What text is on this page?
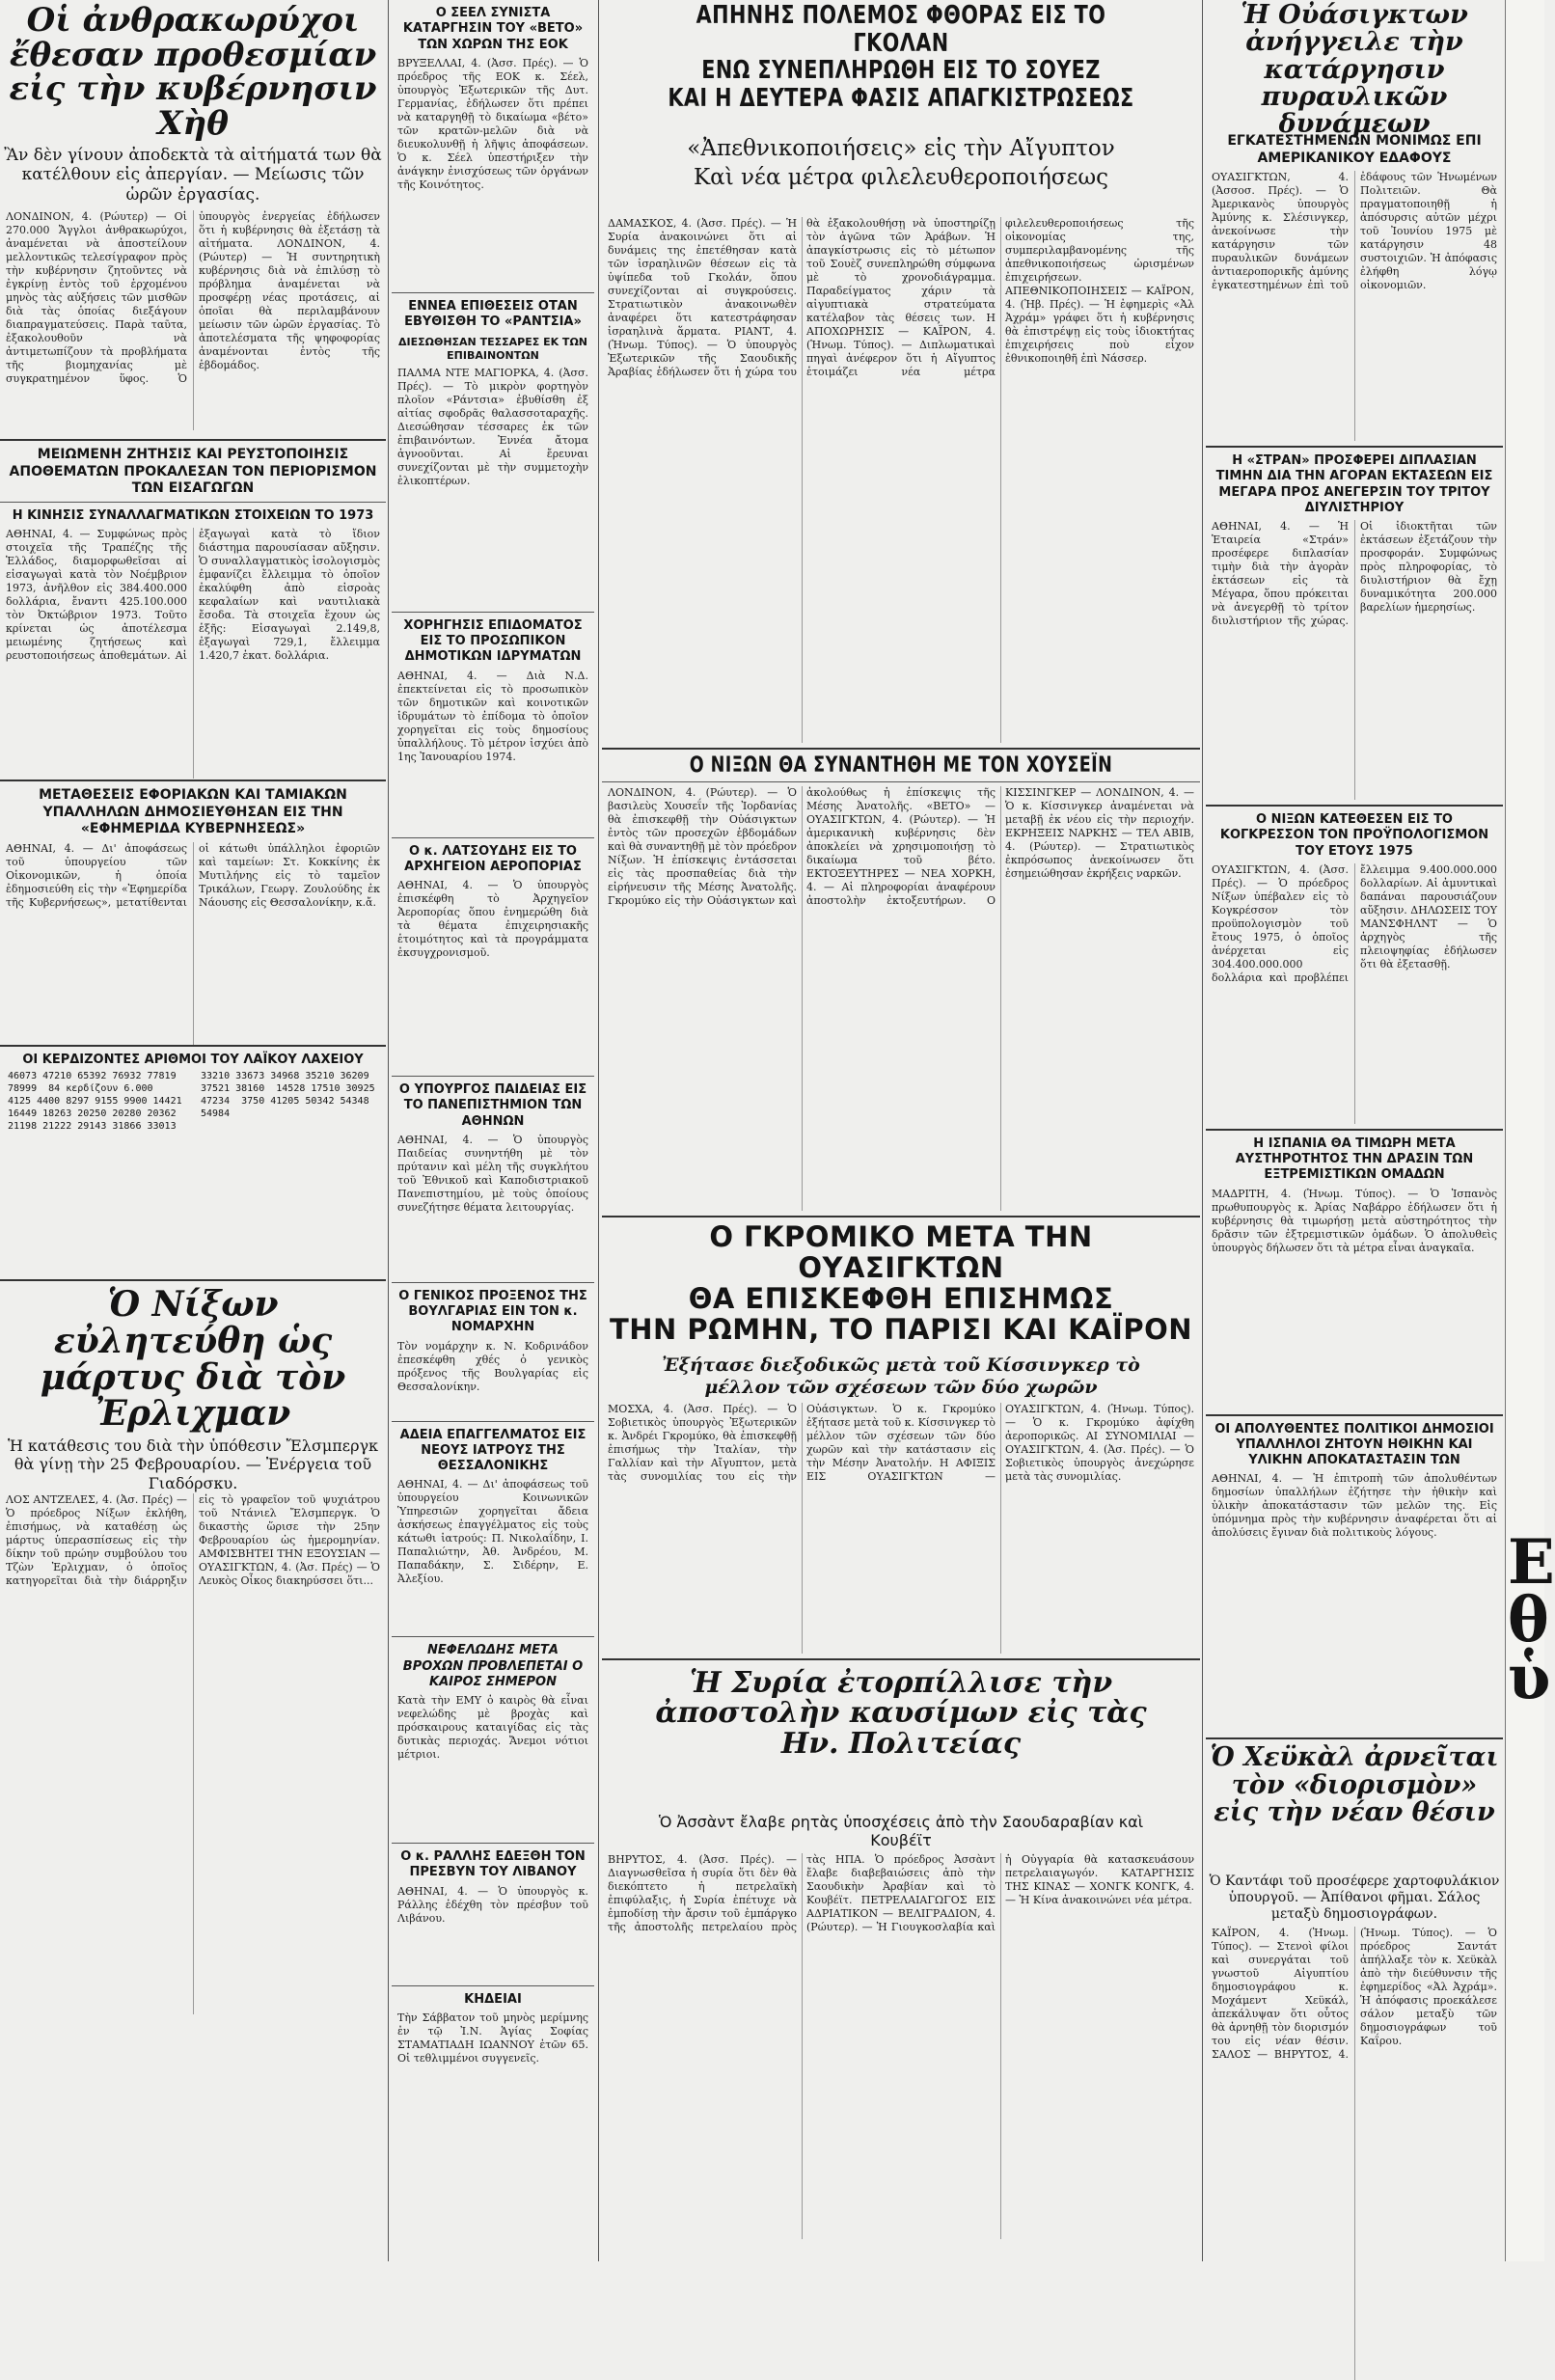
Οἱ ἀνθρακωρύχοι ἔθεσαν προθεσμίαν εἰς τὴν κυβέρνησιν Χὴθ

Ἂν δὲν γίνουν ἀποδεκτὰ τὰ αἰτήματά των θὰ κατέλθουν εἰς ἀπεργίαν. — Μείωσις τῶν ὡρῶν ἐργασίας.

ΛΟΝΔΙΝΟΝ, 4. (Ρώυτερ) — Οἱ 270.000 Ἄγγλοι ἀνθρακωρύχοι, ἀναμένεται νὰ ἀποστείλουν μελλοντικῶς τελεσίγραφον πρὸς τὴν κυβέρνησιν ζητοῦντες νὰ ἐγκρίνῃ ἐντὸς τοῦ ἐρχομένου μηνὸς τὰς αὐξήσεις τῶν μισθῶν διὰ τὰς ὁποίας διεξάγουν διαπραγματεύσεις. Παρὰ ταῦτα, ἐξακολουθοῦν νὰ ἀντιμετωπίζουν τὰ προβλήματα τῆς βιομηχανίας μὲ συγκρατημένον ὕφος. Ὁ ὑπουργὸς ἐνεργείας ἐδήλωσεν ὅτι ἡ κυβέρνησις θὰ ἐξετάσῃ τὰ αἰτήματα. ΛΟΝΔΙΝΟΝ, 4. (Ρώυτερ) — Ἡ συντηρητικὴ κυβέρνησις διὰ νὰ ἐπιλύσῃ τὸ πρόβλημα ἀναμένεται νὰ προσφέρῃ νέας προτάσεις, αἱ ὁποῖαι θὰ περιλαμβάνουν μείωσιν τῶν ὡρῶν ἐργασίας. Τὸ ἀποτελέσματα τῆς ψηφοφορίας ἀναμένονται ἐντὸς τῆς ἑβδομάδος.

ΜΕΙΩΜΕΝΗ ΖΗΤΗΣΙΣ ΚΑΙ ΡΕΥΣΤΟΠΟΙΗΣΙΣ ΑΠΟΘΕΜΑΤΩΝ ΠΡΟΚΑΛΕΣΑΝ ΤΟΝ ΠΕΡΙΟΡΙΣΜΟΝ ΤΩΝ ΕΙΣΑΓΩΓΩΝ
Η ΚΙΝΗΣΙΣ ΣΥΝΑΛΛΑΓΜΑΤΙΚΩΝ ΣΤΟΙΧΕΙΩΝ ΤΟ 1973

ΑΘΗΝΑΙ, 4. — Συμφώνως πρὸς στοιχεῖα τῆς Τραπέζης τῆς Ἑλλάδος, διαμορφωθεῖσαι αἱ εἰσαγωγαὶ κατὰ τὸν Νοέμβριον 1973, ἀνῆλθον εἰς 384.400.000 δολλάρια, ἔναντι 425.100.000 τὸν Ὀκτώβριον 1973. Τοῦτο κρίνεται ὡς ἀποτέλεσμα μειωμένης ζητήσεως καὶ ρευστοποιήσεως ἀποθεμάτων. Αἱ ἐξαγωγαὶ κατὰ τὸ ἴδιον διάστημα παρουσίασαν αὔξησιν. Ὁ συναλλαγματικὸς ἰσολογισμὸς ἐμφανίζει ἔλλειμμα τὸ ὁποῖον ἐκαλύφθη ἀπὸ εἰσροὰς κεφαλαίων καὶ ναυτιλιακὰ ἔσοδα. Τὰ στοιχεῖα ἔχουν ὡς ἑξῆς: Εἰσαγωγαὶ 2.149,8, ἐξαγωγαὶ 729,1, ἔλλειμμα 1.420,7 ἑκατ. δολλάρια.

ΜΕΤΑΘΕΣΕΙΣ ΕΦΟΡΙΑΚΩΝ ΚΑΙ ΤΑΜΙΑΚΩΝ ΥΠΑΛΛΗΛΩΝ ΔΗΜΟΣΙΕΥΘΗΣΑΝ ΕΙΣ ΤΗΝ «ΕΦΗΜΕΡΙΔΑ ΚΥΒΕΡΝΗΣΕΩΣ»

ΑΘΗΝΑΙ, 4. — Δι' ἀποφάσεως τοῦ ὑπουργείου τῶν Οἰκονομικῶν, ἡ ὁποία ἐδημοσιεύθη εἰς τὴν «Ἐφημερίδα τῆς Κυβερνήσεως», μετατίθενται οἱ κάτωθι ὑπάλληλοι ἐφοριῶν καὶ ταμείων: Στ. Κοκκίνης ἐκ Μυτιλήνης εἰς τὸ ταμεῖον Τρικάλων, Γεωργ. Ζουλούδης ἐκ Νάουσης εἰς Θεσσαλονίκην, κ.ἄ.

ΟΙ ΚΕΡΔΙΖΟΝΤΕΣ ΑΡΙΘΜΟΙ ΤΟΥ ΛΑΪΚΟΥ ΛΑΧΕΙΟΥ
46073 47210 65392 76932 77819 78999  84 κερδίζουν 6.000  4125 4400 8297 9155 9900 14421 16449 18263 20250 20280 20362 21198 21222 29143 31866 33013 33210 33673 34968 35210 36209 37521 38160  14528 17510 30925 47234  3750 41205 50342 54348 54984
Ὁ Νίξων εὐλητεύθη ὡς μάρτυς διὰ τὸν Ἐρλιχμαν

Ἡ κατάθεσις του διὰ τὴν ὑπόθεσιν Ἔλσμπεργκ θὰ γίνῃ τὴν 25 Φεβρουαρίου. — Ἐνέργεια τοῦ Γιαδόρσκυ.

ΛΟΣ ΑΝΤΖΕΛΕΣ, 4. (Ἀσ. Πρές) — Ὁ πρόεδρος Νίξων ἐκλήθη, ἐπισήμως, νὰ καταθέσῃ ὡς μάρτυς ὑπερασπίσεως εἰς τὴν δίκην τοῦ πρώην συμβούλου του Τζὼν Ἐρλιχμαν, ὁ ὁποῖος κατηγορεῖται διὰ τὴν διάρρηξιν εἰς τὸ γραφεῖον τοῦ ψυχιάτρου τοῦ Ντάνιελ Ἔλσμπεργκ. Ὁ δικαστὴς ὥρισε τὴν 25ην Φεβρουαρίου ὡς ἡμερομηνίαν. ΑΜΦΙΣΒΗΤΕΙ ΤΗΝ ΕΞΟΥΣΙΑΝ — ΟΥΑΣΙΓΚΤΩΝ, 4. (Ἀσ. Πρές) — Ὁ Λευκὸς Οἶκος διακηρύσσει ὅτι...

Ο ΣΕΕΛ ΣΥΝΙΣΤΑ ΚΑΤΑΡΓΗΣΙΝ ΤΟΥ «ΒΕΤΟ» ΤΩΝ ΧΩΡΩΝ ΤΗΣ ΕΟΚ

ΒΡΥΞΕΛΛΑΙ, 4. (Ἀσσ. Πρές). — Ὁ πρόεδρος τῆς ΕΟΚ κ. Σέελ, ὑπουργὸς Ἐξωτερικῶν τῆς Δυτ. Γερμανίας, ἐδήλωσεν ὅτι πρέπει νὰ καταργηθῇ τὸ δικαίωμα «βέτο» τῶν κρατῶν-μελῶν διὰ νὰ διευκολυνθῇ ἡ λῆψις ἀποφάσεων. Ὁ κ. Σέελ ὑπεστήριξεν τὴν ἀνάγκην ἐνισχύσεως τῶν ὀργάνων τῆς Κοινότητος.

ΕΝΝΕΑ ΕΠΙΘΕΣΕΙΣ ΟΤΑΝ ΕΒΥΘΙΣΘΗ ΤΟ «ΡΑΝΤΣΙΑ»
ΔΙΕΣΩΘΗΣΑΝ ΤΕΣΣΑΡΕΣ ΕΚ ΤΩΝ ΕΠΙΒΑΙΝΟΝΤΩΝ

ΠΑΛΜΑ ΝΤΕ ΜΑΓΙΟΡΚΑ, 4. (Ἀσσ. Πρές). — Τὸ μικρὸν φορτηγὸν πλοῖον «Ράντσια» ἐβυθίσθη ἐξ αἰτίας σφοδρᾶς θαλασσοταραχῆς. Διεσώθησαν τέσσαρες ἐκ τῶν ἐπιβαινόντων. Ἐννέα ἄτομα ἀγνοοῦνται. Αἱ ἔρευναι συνεχίζονται μὲ τὴν συμμετοχὴν ἐλικοπτέρων.

ΧΟΡΗΓΗΣΙΣ ΕΠΙΔΟΜΑΤΟΣ ΕΙΣ ΤΟ ΠΡΟΣΩΠΙΚΟΝ ΔΗΜΟΤΙΚΩΝ ΙΔΡΥΜΑΤΩΝ

ΑΘΗΝΑΙ, 4. — Διὰ Ν.Δ. ἐπεκτείνεται εἰς τὸ προσωπικὸν τῶν δημοτικῶν καὶ κοινοτικῶν ἱδρυμάτων τὸ ἐπίδομα τὸ ὁποῖον χορηγεῖται εἰς τοὺς δημοσίους ὑπαλλήλους. Τὸ μέτρον ἰσχύει ἀπὸ 1ης Ἰανουαρίου 1974.

Ο κ. ΛΑΤΣΟΥΔΗΣ ΕΙΣ ΤΟ ΑΡΧΗΓΕΙΟΝ ΑΕΡΟΠΟΡΙΑΣ

ΑΘΗΝΑΙ, 4. — Ὁ ὑπουργὸς ἐπισκέφθη τὸ Ἀρχηγεῖον Ἀεροπορίας ὅπου ἐνημερώθη διὰ τὰ θέματα ἐπιχειρησιακῆς ἑτοιμότητος καὶ τὰ προγράμματα ἐκσυγχρονισμοῦ.

Ο ΥΠΟΥΡΓΟΣ ΠΑΙΔΕΙΑΣ ΕΙΣ ΤΟ ΠΑΝΕΠΙΣΤΗΜΙΟΝ ΤΩΝ ΑΘΗΝΩΝ

ΑΘΗΝΑΙ, 4. — Ὁ ὑπουργὸς Παιδείας συνηντήθη μὲ τὸν πρύτανιν καὶ μέλη τῆς συγκλήτου τοῦ Ἐθνικοῦ καὶ Καποδιστριακοῦ Πανεπιστημίου, μὲ τοὺς ὁποίους συνεζήτησε θέματα λειτουργίας.

Ο ΓΕΝΙΚΟΣ ΠΡΟΞΕΝΟΣ ΤΗΣ ΒΟΥΛΓΑΡΙΑΣ ΕΙΝ ΤΟΝ κ. ΝΟΜΑΡΧΗΝ

Τὸν νομάρχην κ. Ν. Κοδρινάδον ἐπεσκέφθη χθές ὁ γενικὸς πρόξενος τῆς Βουλγαρίας εἰς Θεσσαλονίκην.

ΑΔΕΙΑ ΕΠΑΓΓΕΛΜΑΤΟΣ ΕΙΣ ΝΕΟΥΣ ΙΑΤΡΟΥΣ ΤΗΣ ΘΕΣΣΑΛΟΝΙΚΗΣ

ΑΘΗΝΑΙ, 4. — Δι' ἀποφάσεως τοῦ ὑπουργείου Κοινωνικῶν Ὑπηρεσιῶν χορηγεῖται ἄδεια ἀσκήσεως ἐπαγγέλματος εἰς τοὺς κάτωθι ἰατρούς: Π. Νικολαΐδην, Ι. Παπαλιώτην, Ἀθ. Ἀνδρέου, Μ. Παπαδάκην, Σ. Σιδέρην, Ε. Ἀλεξίου.

ΝΕΦΕΛΩΔΗΣ ΜΕΤΑ ΒΡΟΧΩΝ ΠΡΟΒΛΕΠΕΤΑΙ Ο ΚΑΙΡΟΣ ΣΗΜΕΡΟΝ

Κατὰ τὴν ΕΜΥ ὁ καιρὸς θὰ εἶναι νεφελώδης μὲ βροχὰς καὶ πρόσκαιρους καταιγίδας εἰς τὰς δυτικὰς περιοχάς. Ἄνεμοι νότιοι μέτριοι.

Ο κ. ΡΑΛΛΗΣ ΕΔΕΞΘΗ ΤΟΝ ΠΡΕΣΒΥΝ ΤΟΥ ΛΙΒΑΝΟΥ

ΑΘΗΝΑΙ, 4. — Ὁ ὑπουργὸς κ. Ράλλης ἐδέχθη τὸν πρέσβυν τοῦ Λιβάνου.

ΚΗΔΕΙΑΙ

Τὴν Σάββατον τοῦ μηνὸς μερίμνης ἐν τῷ Ἰ.Ν. Ἁγίας Σοφίας ΣΤΑΜΑΤΙΑΔΗ ΙΩΑΝΝΟΥ ἐτῶν 65. Οἱ τεθλιμμένοι συγγενεῖς.

ΑΠΗΝΗΣ ΠΟΛΕΜΟΣ ΦΘΟΡΑΣ ΕΙΣ ΤΟ ΓΚΟΛΑΝ
ΕΝΩ ΣΥΝΕΠΛΗΡΩΘΗ ΕΙΣ ΤΟ ΣΟΥΕΖ
ΚΑΙ Η ΔΕΥΤΕΡΑ ΦΑΣΙΣ ΑΠΑΓΚΙΣΤΡΩΣΕΩΣ

«Ἀπεθνικοποιήσεις» εἰς τὴν Αἴγυπτον

Καὶ νέα μέτρα φιλελευθεροποιήσεως

ΔΑΜΑΣΚΟΣ, 4. (Ἀσσ. Πρές). — Ἡ Συρία ἀνακοινώνει ὅτι αἱ δυνάμεις της ἐπετέθησαν κατὰ τῶν ἰσραηλινῶν θέσεων εἰς τὰ ὑψίπεδα τοῦ Γκολάν, ὅπου συνεχίζονται αἱ συγκρούσεις. Στρατιωτικὸν ἀνακοινωθὲν ἀναφέρει ὅτι κατεστράφησαν ἰσραηλινὰ ἅρματα. ΡΙΑΝΤ, 4. (Ἡνωμ. Τύπος). — Ὁ ὑπουργὸς Ἐξωτερικῶν τῆς Σαουδικῆς Ἀραβίας ἐδήλωσεν ὅτι ἡ χώρα του θὰ ἐξακολουθήσῃ νὰ ὑποστηρίζῃ τὸν ἀγῶνα τῶν Ἀράβων. Ἡ ἀπαγκίστρωσις εἰς τὸ μέτωπον τοῦ Σουὲζ συνεπληρώθη σύμφωνα μὲ τὸ χρονοδιάγραμμα. Παραδείγματος χάριν τὰ αἰγυπτιακὰ στρατεύματα κατέλαβον τὰς θέσεις των. Η ΑΠΟΧΩΡΗΣΙΣ — ΚΑΪΡΟΝ, 4. (Ἡνωμ. Τύπος). — Διπλωματικαὶ πηγαὶ ἀνέφερον ὅτι ἡ Αἴγυπτος ἑτοιμάζει νέα μέτρα φιλελευθεροποιήσεως τῆς οἰκονομίας της, συμπεριλαμβανομένης τῆς ἀπεθνικοποιήσεως ὡρισμένων ἐπιχειρήσεων. ΑΠΕΘΝΙΚΟΠΟΙΗΣΕΙΣ — ΚΑΪΡΟΝ, 4. (Ἠβ. Πρές). — Ἡ ἐφημερὶς «Ἀλ Ἀχράμ» γράφει ὅτι ἡ κυβέρνησις θὰ ἐπιστρέψῃ εἰς τοὺς ἰδιοκτήτας ἐπιχειρήσεις ποὺ εἶχον ἐθνικοποιηθῆ ἐπὶ Νάσσερ.

Ο ΝΙΞΩΝ ΘΑ ΣΥΝΑΝΤΗΘΗ ΜΕ ΤΟΝ ΧΟΥΣΕΪΝ

ΛΟΝΔΙΝΟΝ, 4. (Ρώυτερ). — Ὁ βασιλεὺς Χουσεΐν τῆς Ἰορδανίας θὰ ἐπισκεφθῇ τὴν Οὐάσιγκτων ἐντὸς τῶν προσεχῶν ἑβδομάδων καὶ θὰ συναντηθῇ μὲ τὸν πρόεδρον Νίξων. Ἡ ἐπίσκεψις ἐντάσσεται εἰς τὰς προσπαθείας διὰ τὴν εἰρήνευσιν τῆς Μέσης Ἀνατολῆς. Γκρομύκο εἰς τὴν Οὐάσιγκτων καὶ ἀκολούθως ἡ ἐπίσκεψις τῆς Μέσης Ἀνατολῆς. «ΒΕΤΟ» — ΟΥΑΣΙΓΚΤΩΝ, 4. (Ρώυτερ). — Ἡ ἀμερικανικὴ κυβέρνησις δὲν ἀποκλείει νὰ χρησιμοποιήσῃ τὸ δικαίωμα τοῦ βέτο. ΕΚΤΟΞΕΥΤΗΡΕΣ — ΝΕΑ ΧΟΡΚΗ, 4. — Αἱ πληροφορίαι ἀναφέρουν ἀποστολὴν ἐκτοξευτήρων. Ο ΚΙΣΣΙΝΓΚΕΡ — ΛΟΝΔΙΝΟΝ, 4. — Ὁ κ. Κίσσινγκερ ἀναμένεται νὰ μεταβῇ ἐκ νέου εἰς τὴν περιοχήν. ΕΚΡΗΞΕΙΣ ΝΑΡΚΗΣ — ΤΕΛ ΑΒΙΒ, 4. (Ρώυτερ). — Στρατιωτικὸς ἐκπρόσωπος ἀνεκοίνωσεν ὅτι ἐσημειώθησαν ἐκρήξεις ναρκῶν.

Ο ΓΚΡΟΜΙΚΟ ΜΕΤΑ ΤΗΝ ΟΥΑΣΙΓΚΤΩΝ
ΘΑ ΕΠΙΣΚΕΦΘΗ ΕΠΙΣΗΜΩΣ
ΤΗΝ ΡΩΜΗΝ, ΤΟ ΠΑΡΙΣΙ ΚΑΙ ΚΑΪΡΟΝ

Ἐξήτασε διεξοδικῶς μετὰ τοῦ Κίσσινγκερ τὸ μέλλον τῶν σχέσεων τῶν δύο χωρῶν

ΜΟΣΧΑ, 4. (Ἀσσ. Πρές). — Ὁ Σοβιετικὸς ὑπουργὸς Ἐξωτερικῶν κ. Ἀνδρέι Γκρομύκο, θὰ ἐπισκεφθῇ ἐπισήμως τὴν Ἰταλίαν, τὴν Γαλλίαν καὶ τὴν Αἴγυπτον, μετὰ τὰς συνομιλίας του εἰς τὴν Οὐάσιγκτων. Ὁ κ. Γκρομύκο ἐξήτασε μετὰ τοῦ κ. Κίσσινγκερ τὸ μέλλον τῶν σχέσεων τῶν δύο χωρῶν καὶ τὴν κατάστασιν εἰς τὴν Μέσην Ἀνατολήν. Η ΑΦΙΞΙΣ ΕΙΣ ΟΥΑΣΙΓΚΤΩΝ — ΟΥΑΣΙΓΚΤΩΝ, 4. (Ἡνωμ. Τύπος). — Ὁ κ. Γκρομύκο ἀφίχθη ἀεροπορικῶς. ΑΙ ΣΥΝΟΜΙΛΙΑΙ — ΟΥΑΣΙΓΚΤΩΝ, 4. (Ἀσ. Πρές). — Ὁ Σοβιετικὸς ὑπουργὸς ἀνεχώρησε μετὰ τὰς συνομιλίας.

Ἡ Συρία ἐτορπίλλισε τὴν ἀποστολὴν καυσίμων εἰς τὰς Ην. Πολιτείας

Ὁ Ἀσσὰντ ἔλαβε ρητὰς ὑποσχέσεις ἀπὸ τὴν Σαουδαραβίαν καὶ Κουβέϊτ

ΒΗΡΥΤΟΣ, 4. (Ἀσσ. Πρές). — Διαγνωσθεῖσα ἡ συρία ὅτι δὲν θὰ διεκόπτετο ἡ πετρελαϊκὴ ἐπιφύλαξις, ἡ Συρία ἐπέτυχε νὰ ἐμποδίσῃ τὴν ἄρσιν τοῦ ἐμπάργκο τῆς ἀποστολῆς πετρελαίου πρὸς τὰς ΗΠΑ. Ὁ πρόεδρος Ἀσσὰντ ἔλαβε διαβεβαιώσεις ἀπὸ τὴν Σαουδικὴν Ἀραβίαν καὶ τὸ Κουβέϊτ. ΠΕΤΡΕΛΑΙΑΓΩΓΟΣ ΕΙΣ ΑΔΡΙΑΤΙΚΟΝ — ΒΕΛΙΓΡΑΔΙΟΝ, 4. (Ρώυτερ). — Ἡ Γιουγκοσλαβία καὶ ἡ Οὑγγαρία θὰ κατασκευάσουν πετρελαιαγωγόν. ΚΑΤΑΡΓΗΣΙΣ ΤΗΣ ΚΙΝΑΣ — ΧΟΝΓΚ ΚΟΝΓΚ, 4. — Ἡ Κίνα ἀνακοινώνει νέα μέτρα.

Ἡ Οὐάσιγκτων ἀνήγγειλε τὴν κατάργησιν πυραυλικῶν δυνάμεων
ΕΓΚΑΤΕΣΤΗΜΕΝΩΝ ΜΟΝΙΜΩΣ ΕΠΙ ΑΜΕΡΙΚΑΝΙΚΟΥ ΕΔΑΦΟΥΣ

ΟΥΑΣΙΓΚΤΩΝ, 4. (Ἀσσοσ. Πρές). — Ὁ Ἀμερικανὸς ὑπουργὸς Ἀμύνης κ. Σλέσινγκερ, ἀνεκοίνωσε τὴν κατάργησιν τῶν πυραυλικῶν δυνάμεων ἀντιαεροπορικῆς ἀμύνης ἐγκατεστημένων ἐπὶ τοῦ ἐδάφους τῶν Ἡνωμένων Πολιτειῶν. Θὰ πραγματοποιηθῇ ἡ ἀπόσυρσις αὐτῶν μέχρι τοῦ Ἰουνίου 1975 μὲ κατάργησιν 48 συστοιχιῶν. Ἡ ἀπόφασις ἐλήφθη λόγῳ οἰκονομιῶν.

Η «ΣΤΡΑΝ» ΠΡΟΣΦΕΡΕΙ ΔΙΠΛΑΣΙΑΝ ΤΙΜΗΝ ΔΙΑ ΤΗΝ ΑΓΟΡΑΝ ΕΚΤΑΣΕΩΝ ΕΙΣ ΜΕΓΑΡΑ ΠΡΟΣ ΑΝΕΓΕΡΣΙΝ ΤΟΥ ΤΡΙΤΟΥ ΔΙΥΛΙΣΤΗΡΙΟΥ

ΑΘΗΝΑΙ, 4. — Ἡ Ἑταιρεία «Στράν» προσέφερε διπλασίαν τιμὴν διὰ τὴν ἀγορὰν ἐκτάσεων εἰς τὰ Μέγαρα, ὅπου πρόκειται νὰ ἀνεγερθῇ τὸ τρίτον διυλιστήριον τῆς χώρας. Οἱ ἰδιοκτῆται τῶν ἐκτάσεων ἐξετάζουν τὴν προσφοράν. Συμφώνως πρὸς πληροφορίας, τὸ διυλιστήριον θὰ ἔχῃ δυναμικότητα 200.000 βαρελίων ἡμερησίως.

Ο ΝΙΞΩΝ ΚΑΤΕΘΕΣΕΝ ΕΙΣ ΤΟ ΚΟΓΚΡΕΣΣΟΝ ΤΟΝ ΠΡΟΫΠΟΛΟΓΙΣΜΟΝ ΤΟΥ ΕΤΟΥΣ 1975

ΟΥΑΣΙΓΚΤΩΝ, 4. (Ἀσσ. Πρές). — Ὁ πρόεδρος Νίξων ὑπέβαλεν εἰς τὸ Κογκρέσσον τὸν προϋπολογισμὸν τοῦ ἔτους 1975, ὁ ὁποῖος ἀνέρχεται εἰς 304.400.000.000 δολλάρια καὶ προβλέπει ἔλλειμμα 9.400.000.000 δολλαρίων. Αἱ ἀμυντικαὶ δαπάναι παρουσιάζουν αὔξησιν. ΔΗΛΩΣΕΙΣ ΤΟΥ ΜΑΝΣΦΗΛΝΤ — Ὁ ἀρχηγὸς τῆς πλειοψηφίας ἐδήλωσεν ὅτι θὰ ἐξετασθῇ.

Η ΙΣΠΑΝΙΑ ΘΑ ΤΙΜΩΡΗ ΜΕΤΑ ΑΥΣΤΗΡΟΤΗΤΟΣ ΤΗΝ ΔΡΑΣΙΝ ΤΩΝ ΕΞΤΡΕΜΙΣΤΙΚΩΝ ΟΜΑΔΩΝ

ΜΑΔΡΙΤΗ, 4. (Ἡνωμ. Τύπος). — Ὁ Ἱσπανὸς πρωθυπουργὸς κ. Ἀρίας Ναβάρρο ἐδήλωσεν ὅτι ἡ κυβέρνησις θὰ τιμωρήσῃ μετὰ αὐστηρότητος τὴν δρᾶσιν τῶν ἐξτρεμιστικῶν ὁμάδων. Ὁ ἀπολυθεὶς ὑπουργὸς δήλωσεν ὅτι τὰ μέτρα εἶναι ἀναγκαῖα.

ΟΙ ΑΠΟΛΥΘΕΝΤΕΣ ΠΟΛΙΤΙΚΟΙ ΔΗΜΟΣΙΟΙ ΥΠΑΛΛΗΛΟΙ ΖΗΤΟΥΝ ΗΘΙΚΗΝ ΚΑΙ ΥΛΙΚΗΝ ΑΠΟΚΑΤΑΣΤΑΣΙΝ ΤΩΝ

ΑΘΗΝΑΙ, 4. — Ἡ ἐπιτροπὴ τῶν ἀπολυθέντων δημοσίων ὑπαλλήλων ἐζήτησε τὴν ἠθικὴν καὶ ὑλικὴν ἀποκατάστασιν τῶν μελῶν της. Εἰς ὑπόμνημα πρὸς τὴν κυβέρνησιν ἀναφέρεται ὅτι αἱ ἀπολύσεις ἔγιναν διὰ πολιτικοὺς λόγους.

Ὁ Χεϋκὰλ ἀρνεῖται τὸν «διορισμὸν» εἰς τὴν νέαν θέσιν

Ὁ Καντάφι τοῦ προσέφερε χαρτοφυλάκιον ὑπουργοῦ. — Ἀπίθανοι φῆμαι. Σάλος μεταξὺ δημοσιογράφων.

ΚΑΪΡΟΝ, 4. (Ἡνωμ. Τύπος). — Στενοὶ φίλοι καὶ συνεργάται τοῦ γνωστοῦ Αἰγυπτίου δημοσιογράφου κ. Μοχάμεντ Χεϋκάλ, ἀπεκάλυψαν ὅτι οὗτος θὰ ἀρνηθῇ τὸν διορισμόν του εἰς νέαν θέσιν. ΣΑΛΟΣ — ΒΗΡΥΤΟΣ, 4. (Ἡνωμ. Τύπος). — Ὁ πρόεδρος Σαντάτ ἀπήλλαξε τὸν κ. Χεϋκὰλ ἀπὸ τὴν διεύθυνσιν τῆς ἐφημερίδος «Ἀλ Ἀχράμ». Ἡ ἀπόφασις προεκάλεσε σάλον μεταξὺ τῶν δημοσιογράφων τοῦ Καΐρου.

Ε θ ὑ
